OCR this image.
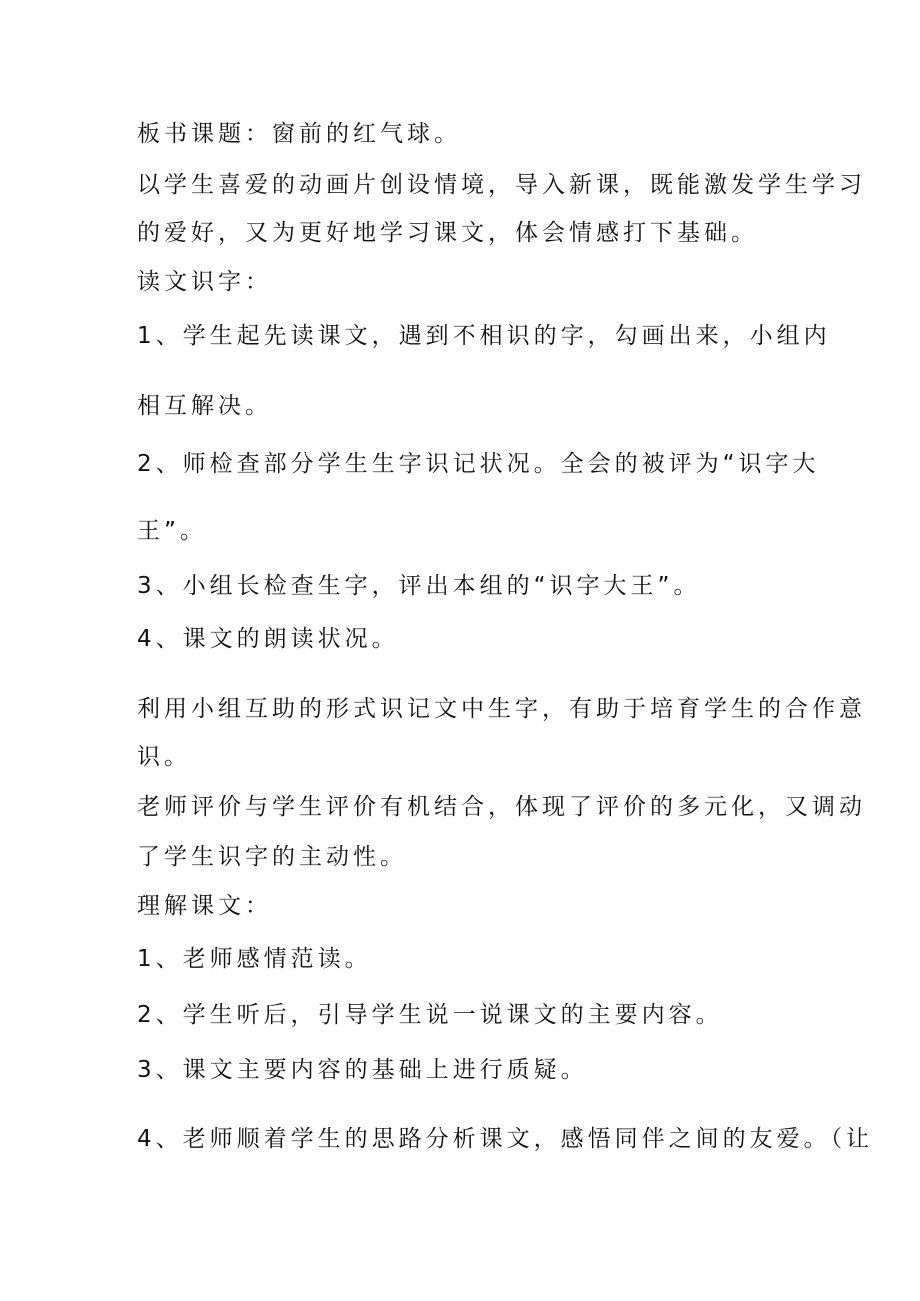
板书课题：窗前的红气球。
以学生喜爱的动画片创设情境，导入新课，既能激发学生学习
的爱好，又为更好地学习课文，体会情感打下基础。
读文识字：
1、学生起先读课文，遇到不相识的字，勾画出来，小组内
相互解决。
2、师检查部分学生生字识记状况。全会的被评为“识字大
王”。
3、小组长检查生字，评出本组的“识字大王”。
4、课文的朗读状况。
利用小组互助的形式识记文中生字，有助于培育学生的合作意
识。
老师评价与学生评价有机结合，体现了评价的多元化，又调动
了学生识字的主动性。
理解课文：
1、老师感情范读。
2、学生听后，引导学生说一说课文的主要内容。
3、课文主要内容的基础上进行质疑。
4、老师顺着学生的思路分析课文，感悟同伴之间的友爱。（让
